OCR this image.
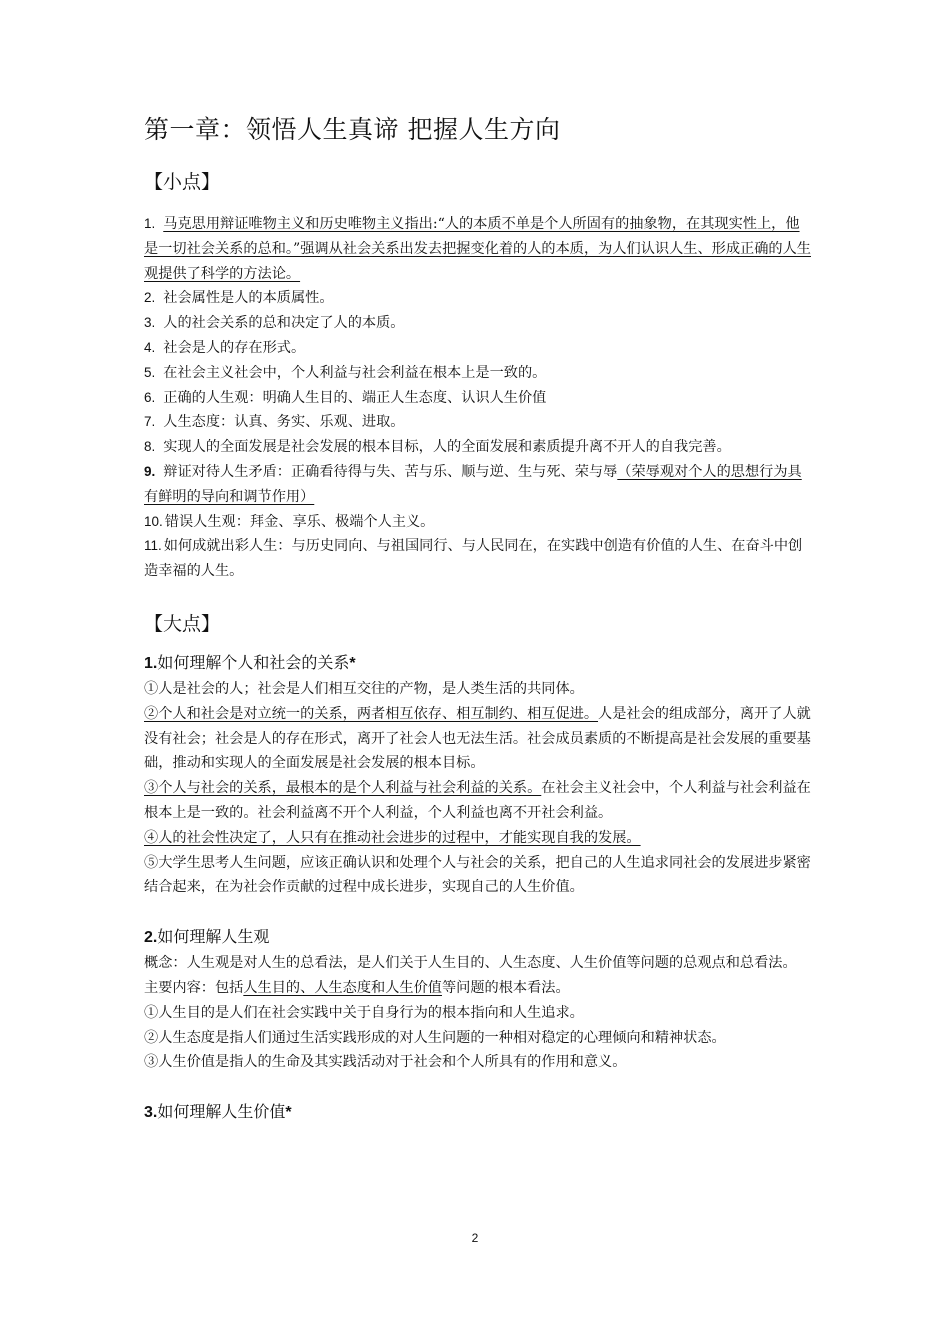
第一章：领悟人生真谛 把握人生方向
【小点】

1. 马克思用辩证唯物主义和历史唯物主义指出:“人的本质不单是个人所固有的抽象物，在其现实性上，他是一切社会关系的总和。”强调从社会关系出发去把握变化着的人的本质，为人们认识人生、形成正确的人生观提供了科学的方法论。

2. 社会属性是人的本质属性。

3. 人的社会关系的总和决定了人的本质。

4. 社会是人的存在形式。

5. 在社会主义社会中，个人利益与社会利益在根本上是一致的。

6. 正确的人生观：明确人生目的、端正人生态度、认识人生价值

7. 人生态度：认真、务实、乐观、进取。

8. 实现人的全面发展是社会发展的根本目标，人的全面发展和素质提升离不开人的自我完善。

9. 辩证对待人生矛盾：正确看待得与失、苦与乐、顺与逆、生与死、荣与辱（荣辱观对个人的思想行为具有鲜明的导向和调节作用）

10. 错误人生观：拜金、享乐、极端个人主义。

11. 如何成就出彩人生：与历史同向、与祖国同行、与人民同在，在实践中创造有价值的人生、在奋斗中创造幸福的人生。

【大点】

1.如何理解个人和社会的关系*

①人是社会的人；社会是人们相互交往的产物，是人类生活的共同体。

②个人和社会是对立统一的关系，两者相互依存、相互制约、相互促进。人是社会的组成部分，离开了人就没有社会；社会是人的存在形式，离开了社会人也无法生活。社会成员素质的不断提高是社会发展的重要基础，推动和实现人的全面发展是社会发展的根本目标。

③个人与社会的关系，最根本的是个人利益与社会利益的关系。在社会主义社会中，个人利益与社会利益在根本上是一致的。社会利益离不开个人利益，个人利益也离不开社会利益。

④人的社会性决定了，人只有在推动社会进步的过程中，才能实现自我的发展。

⑤大学生思考人生问题，应该正确认识和处理个人与社会的关系，把自己的人生追求同社会的发展进步紧密结合起来，在为社会作贡献的过程中成长进步，实现自己的人生价值。

2.如何理解人生观

概念：人生观是对人生的总看法，是人们关于人生目的、人生态度、人生价值等问题的总观点和总看法。

主要内容：包括人生目的、人生态度和人生价值等问题的根本看法。

①人生目的是人们在社会实践中关于自身行为的根本指向和人生追求。

②人生态度是指人们通过生活实践形成的对人生问题的一种相对稳定的心理倾向和精神状态。

③人生价值是指人的生命及其实践活动对于社会和个人所具有的作用和意义。

3.如何理解人生价值*

2
